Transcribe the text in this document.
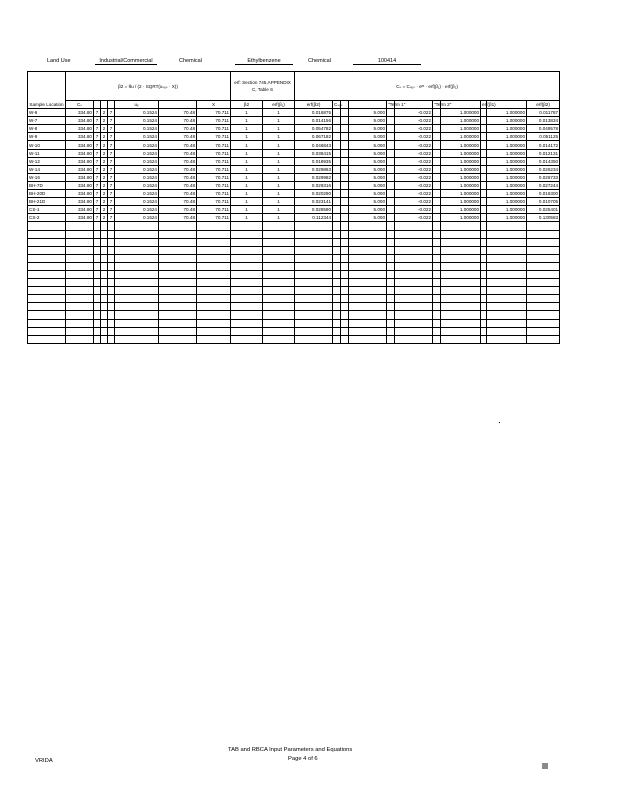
Land Use	Industrial/Commercial	Chemical	Ethylbenzene	Chemical	100414
Sample Location	β2 = θu / (2 · SQRT(uₛᵤₛ · X))							erf: Section 745,APPENDIX C, Table S		Cₛ = Cₛᵤₛ · eᵐ · erf(β₁) · erf(β₂)											
	Cₛ				uₓ		X	β2	erf(β₁)	erf(β2)	Cₛᵤₛ			"Term 1"		"Term 2"		erf(β1)		erf(β2)	
W-6	334.80	7	2	7	0.1524	70.48	70.711	1	1	0.016875			5.000		-0.022		1.000000		1.000000	0.011787	
W-7	334.80	7	2	7	0.1524	70.48	70.711	1	1	0.014156			5.000		-0.022		1.000000		1.000000	0.013834	
W-8	334.80	7	2	7	0.1524	70.48	70.711	1	1	0.054782			5.000		-0.022		1.000000		1.000000	0.049578	
W-9	334.80	7	2	7	0.1524	70.48	70.711	1	1	0.067182			5.000		-0.022		1.000000		1.000000	0.051125	
W-10	334.80	7	2	7	0.1524	70.48	70.711	1	1	0.046843			5.000		-0.022		1.000000		1.000000	0.014172	
W-11	334.80	7	2	7	0.1524	70.48	70.711	1	1	0.038415			5.000		-0.022		1.000000		1.000000	0.012131	
W-12	334.80	7	2	7	0.1524	70.48	70.711	1	1	0.018935			5.000		-0.022		1.000000		1.000000	0.014350	
W-14	334.80	7	2	7	0.1524	70.48	70.711	1	1	0.029863			5.000		-0.022		1.000000		1.000000	0.026234	
W-16	334.80	7	2	7	0.1524	70.48	70.711	1	1	0.029982			5.000		-0.022		1.000000		1.000000	0.026733	
BH-7D	334.80	7	2	7	0.1524	70.48	70.711	1	1	0.029316			5.000		-0.022		1.000000		1.000000	0.027244	
BH-20D	334.80	7	2	7	0.1524	70.48	70.711	1	1	0.020290			5.000		-0.022		1.000000		1.000000	0.016300	
BH-21D	334.80	7	2	7	0.1524	70.48	70.711	1	1	0.023141			5.000		-0.022		1.000000		1.000000	0.010705	
CS-1	334.80	7	2	7	0.1524	70.48	70.711	1	1	0.028590			5.000		-0.022		1.000000		1.000000	0.025401	
CS-2	334.80	7	2	7	0.1524	70.48	70.711	1	1	0.112344			5.000		-0.022		1.000000		1.000000	0.130583	

TAB and RBCA Input Parameters and Equations
Page 4 of 6
VRIDA
